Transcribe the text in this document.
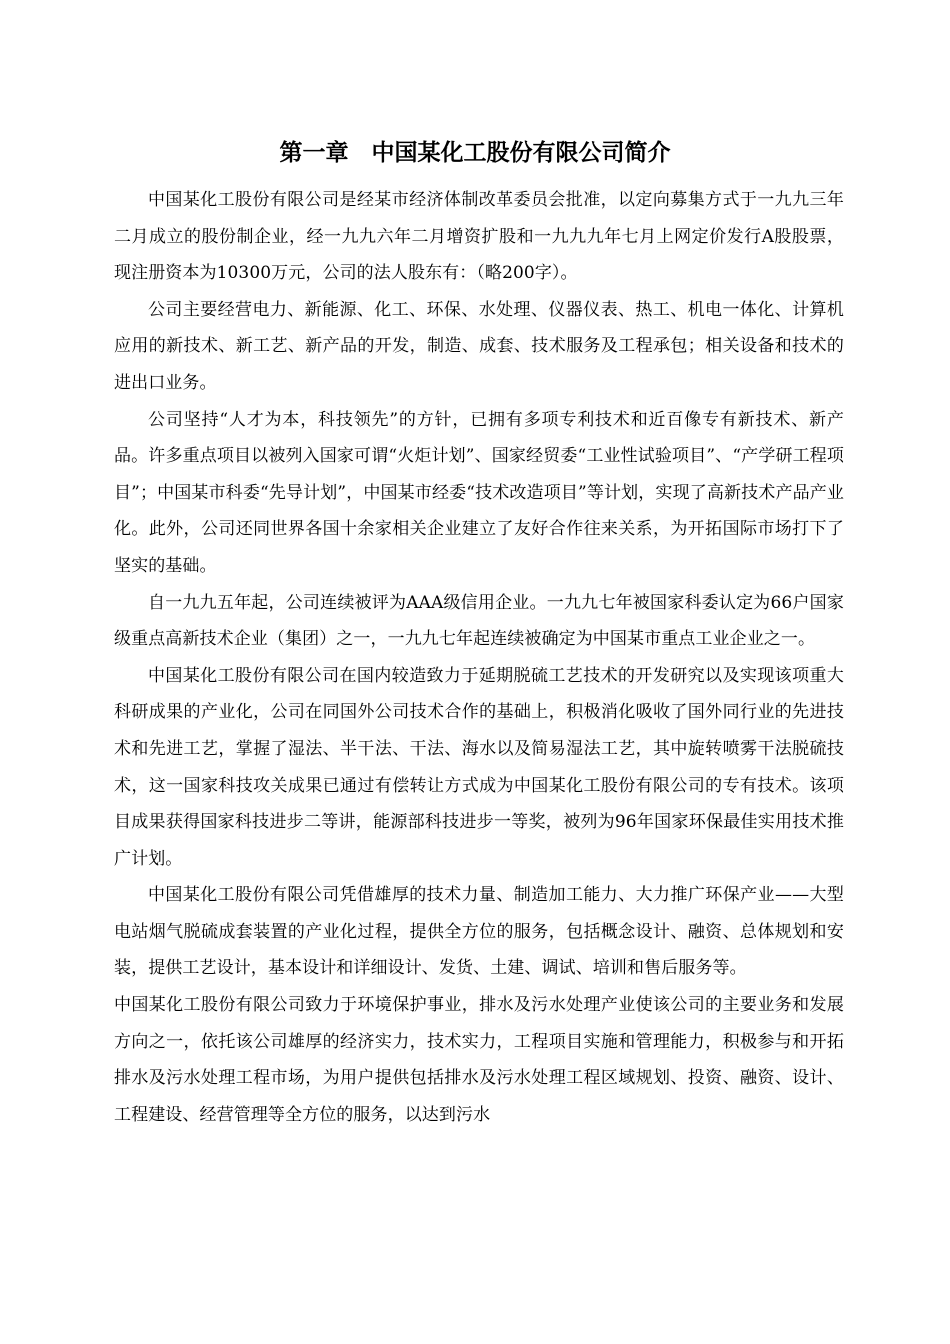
第一章　中国某化工股份有限公司简介

中国某化工股份有限公司是经某市经济体制改革委员会批准，以定向募集方式于一九九三年二月成立的股份制企业，经一九九六年二月增资扩股和一九九九年七月上网定价发行A股股票，现注册资本为10300万元，公司的法人股东有：（略200字）。

公司主要经营电力、新能源、化工、环保、水处理、仪器仪表、热工、机电一体化、计算机应用的新技术、新工艺、新产品的开发，制造、成套、技术服务及工程承包；相关设备和技术的进出口业务。

公司坚持“人才为本，科技领先”的方针，已拥有多项专利技术和近百像专有新技术、新产品。许多重点项目以被列入国家可谓“火炬计划”、国家经贸委“工业性试验项目”、“产学研工程项目”；中国某市科委“先导计划”，中国某市经委“技术改造项目”等计划，实现了高新技术产品产业化。此外，公司还同世界各国十余家相关企业建立了友好合作往来关系，为开拓国际市场打下了坚实的基础。

自一九九五年起，公司连续被评为AAA级信用企业。一九九七年被国家科委认定为66户国家级重点高新技术企业（集团）之一，一九九七年起连续被确定为中国某市重点工业企业之一。

中国某化工股份有限公司在国内较造致力于延期脱硫工艺技术的开发研究以及实现该项重大科研成果的产业化，公司在同国外公司技术合作的基础上，积极消化吸收了国外同行业的先进技术和先进工艺，掌握了湿法、半干法、干法、海水以及简易湿法工艺，其中旋转喷雾干法脱硫技术，这一国家科技攻关成果已通过有偿转让方式成为中国某化工股份有限公司的专有技术。该项目成果获得国家科技进步二等讲，能源部科技进步一等奖，被列为96年国家环保最佳实用技术推广计划。

中国某化工股份有限公司凭借雄厚的技术力量、制造加工能力、大力推广环保产业——大型电站烟气脱硫成套装置的产业化过程，提供全方位的服务，包括概念设计、融资、总体规划和安装，提供工艺设计，基本设计和详细设计、发货、土建、调试、培训和售后服务等。

中国某化工股份有限公司致力于环境保护事业，排水及污水处理产业使该公司的主要业务和发展方向之一，依托该公司雄厚的经济实力，技术实力，工程项目实施和管理能力，积极参与和开拓排水及污水处理工程市场，为用户提供包括排水及污水处理工程区域规划、投资、融资、设计、工程建设、经营管理等全方位的服务，以达到污水
